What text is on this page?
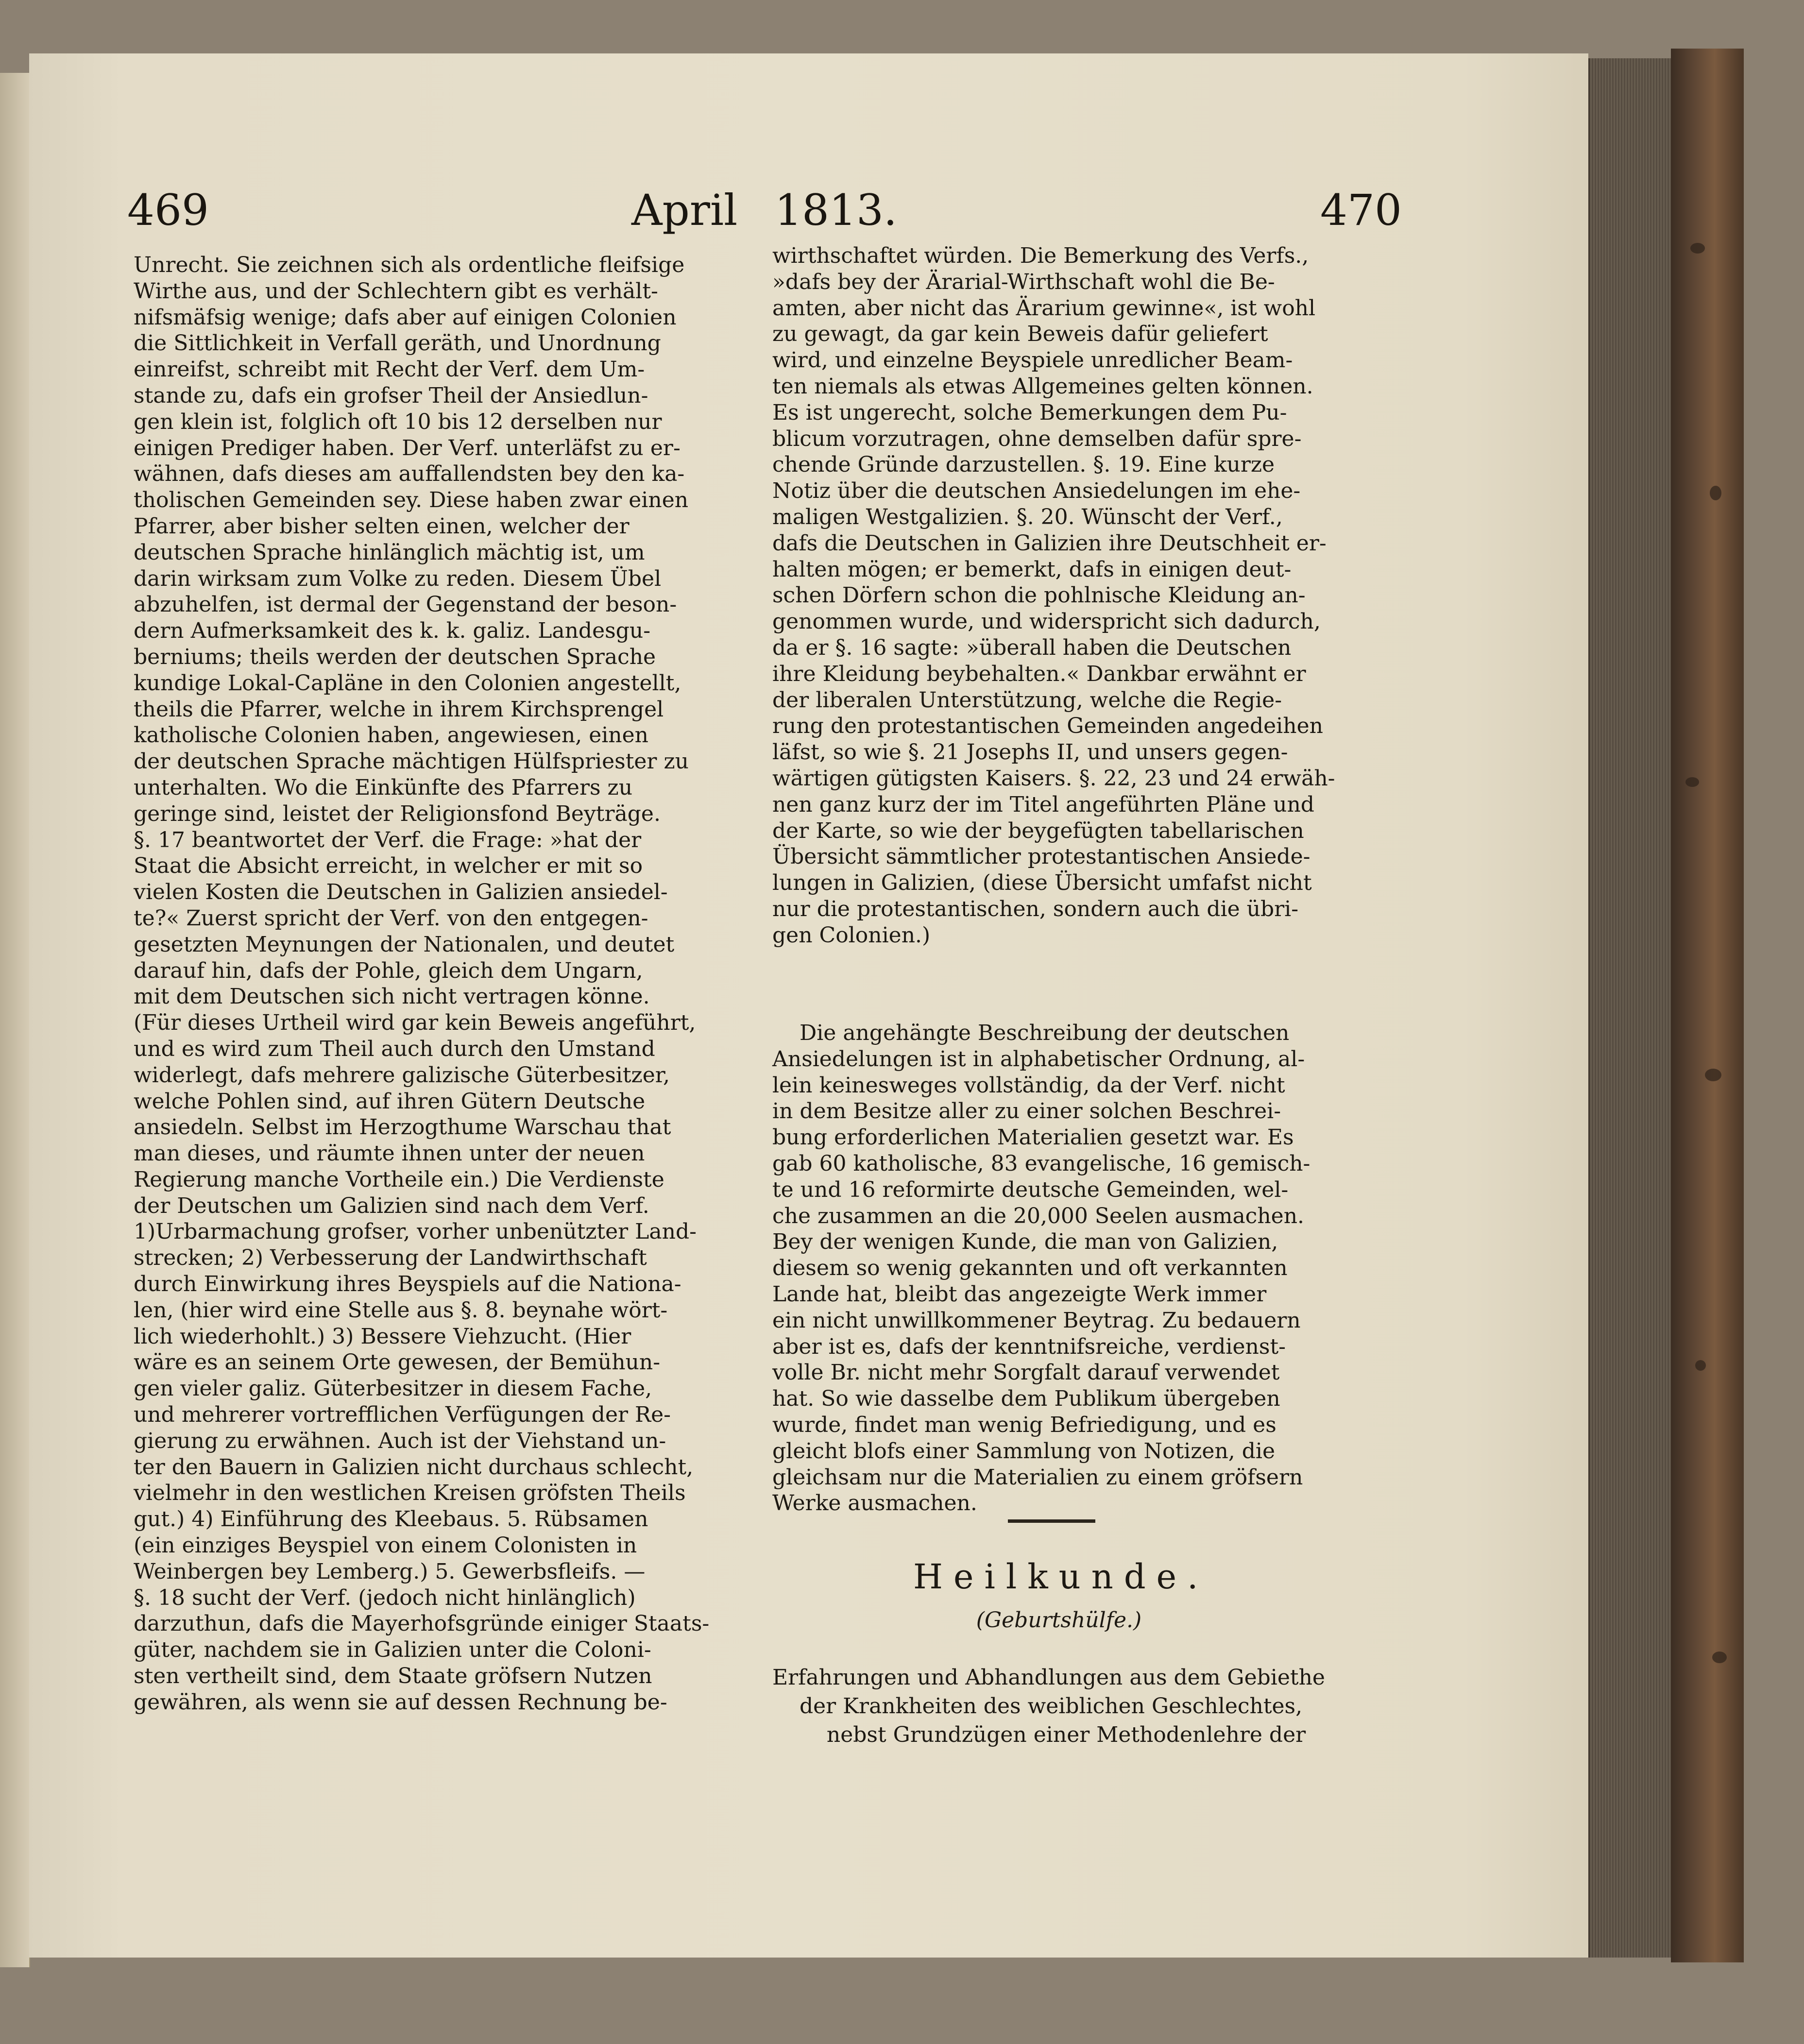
469	April 1813.	470
Unrecht. Sie zeichnen sich als ordentliche fleifsige
Wirthe aus, und der Schlechtern gibt es verhält-
nifsmäfsig wenige; dafs aber auf einigen Colonien
die Sittlichkeit in Verfall geräth, und Unordnung
einreifst, schreibt mit Recht der Verf. dem Um-
stande zu, dafs ein grofser Theil der Ansiedlun-
gen klein ist, folglich oft 10 bis 12 derselben nur
einigen Prediger haben. Der Verf. unterläfst zu er-
wähnen, dafs dieses am auffallendsten bey den ka-
tholischen Gemeinden sey. Diese haben zwar einen
Pfarrer, aber bisher selten einen, welcher der
deutschen Sprache hinlänglich mächtig ist, um
darin wirksam zum Volke zu reden. Diesem Übel
abzuhelfen, ist dermal der Gegenstand der beson-
dern Aufmerksamkeit des k. k. galiz. Landesgu-
berniums; theils werden der deutschen Sprache
kundige Lokal-Capläne in den Colonien angestellt,
theils die Pfarrer, welche in ihrem Kirchsprengel
katholische Colonien haben, angewiesen, einen
der deutschen Sprache mächtigen Hülfspriester zu
unterhalten. Wo die Einkünfte des Pfarrers zu
geringe sind, leistet der Religionsfond Beyträge.
§. 17 beantwortet der Verf. die Frage: »hat der
Staat die Absicht erreicht, in welcher er mit so
vielen Kosten die Deutschen in Galizien ansiedel-
te?« Zuerst spricht der Verf. von den entgegen-
gesetzten Meynungen der Nationalen, und deutet
darauf hin, dafs der Pohle, gleich dem Ungarn,
mit dem Deutschen sich nicht vertragen könne.
(Für dieses Urtheil wird gar kein Beweis angeführt,
und es wird zum Theil auch durch den Umstand
widerlegt, dafs mehrere galizische Güterbesitzer,
welche Pohlen sind, auf ihren Gütern Deutsche
ansiedeln. Selbst im Herzogthume Warschau that
man dieses, und räumte ihnen unter der neuen
Regierung manche Vortheile ein.) Die Verdienste
der Deutschen um Galizien sind nach dem Verf.
1)Urbarmachung grofser, vorher unbenützter Land-
strecken; 2) Verbesserung der Landwirthschaft
durch Einwirkung ihres Beyspiels auf die Nationa-
len, (hier wird eine Stelle aus §. 8. beynahe wört-
lich wiederhohlt.) 3) Bessere Viehzucht. (Hier
wäre es an seinem Orte gewesen, der Bemühun-
gen vieler galiz. Güterbesitzer in diesem Fache,
und mehrerer vortrefflichen Verfügungen der Re-
gierung zu erwähnen. Auch ist der Viehstand un-
ter den Bauern in Galizien nicht durchaus schlecht,
vielmehr in den westlichen Kreisen gröfsten Theils
gut.) 4) Einführung des Kleebaus. 5. Rübsamen
(ein einziges Beyspiel von einem Colonisten in
Weinbergen bey Lemberg.) 5. Gewerbsfleifs. —
§. 18 sucht der Verf. (jedoch nicht hinlänglich)
darzuthun, dafs die Mayerhofsgründe einiger Staats-
güter, nachdem sie in Galizien unter die Coloni-
sten vertheilt sind, dem Staate gröfsern Nutzen
gewähren, als wenn sie auf dessen Rechnung be-
wirthschaftet würden. Die Bemerkung des Verfs.,
»dafs bey der Ärarial-Wirthschaft wohl die Be-
amten, aber nicht das Ärarium gewinne«, ist wohl
zu gewagt, da gar kein Beweis dafür geliefert
wird, und einzelne Beyspiele unredlicher Beam-
ten niemals als etwas Allgemeines gelten können.
Es ist ungerecht, solche Bemerkungen dem Pu-
blicum vorzutragen, ohne demselben dafür spre-
chende Gründe darzustellen. §. 19. Eine kurze
Notiz über die deutschen Ansiedelungen im ehe-
maligen Westgalizien. §. 20. Wünscht der Verf.,
dafs die Deutschen in Galizien ihre Deutschheit er-
halten mögen; er bemerkt, dafs in einigen deut-
schen Dörfern schon die pohlnische Kleidung an-
genommen wurde, und widerspricht sich dadurch,
da er §. 16 sagte: »überall haben die Deutschen
ihre Kleidung beybehalten.« Dankbar erwähnt er
der liberalen Unterstützung, welche die Regie-
rung den protestantischen Gemeinden angedeihen
läfst, so wie §. 21 Josephs II, und unsers gegen-
wärtigen gütigsten Kaisers. §. 22, 23 und 24 erwäh-
nen ganz kurz der im Titel angeführten Pläne und
der Karte, so wie der beygefügten tabellarischen
Übersicht sämmtlicher protestantischen Ansiede-
lungen in Galizien, (diese Übersicht umfafst nicht
nur die protestantischen, sondern auch die übri-
gen Colonien.)
Die angehängte Beschreibung der deutschen
Ansiedelungen ist in alphabetischer Ordnung, al-
lein keinesweges vollständig, da der Verf. nicht
in dem Besitze aller zu einer solchen Beschrei-
bung erforderlichen Materialien gesetzt war. Es
gab 60 katholische, 83 evangelische, 16 gemisch-
te und 16 reformirte deutsche Gemeinden, wel-
che zusammen an die 20,000 Seelen ausmachen.
Bey der wenigen Kunde, die man von Galizien,
diesem so wenig gekannten und oft verkannten
Lande hat, bleibt das angezeigte Werk immer
ein nicht unwillkommener Beytrag. Zu bedauern
aber ist es, dafs der kenntnifsreiche, verdienst-
volle Br. nicht mehr Sorgfalt darauf verwendet
hat. So wie dasselbe dem Publikum übergeben
wurde, findet man wenig Befriedigung, und es
gleicht blofs einer Sammlung von Notizen, die
gleichsam nur die Materialien zu einem gröfsern
Werke ausmachen.
Heilkunde.
(Geburtshülfe.)
Erfahrungen und Abhandlungen aus dem Gebiethe
der Krankheiten des weiblichen Geschlechtes,
nebst Grundzügen einer Methodenlehre der
